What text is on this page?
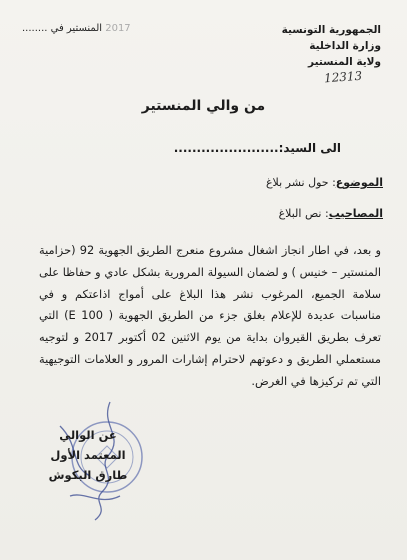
الجمهورية التونسية
وزارة الداخلية
ولاية المنستير
2017 المنستير في ........
12313
من والي المنستير
الى السيد:.......................
الموضوع: حول نشر بلاغ
المصاحيب: نص البلاغ
و بعد، في اطار انجاز اشغال مشروع منعرج الطريق الجهوية 92 (حزامية المنستير – خنيس ) و لضمان السيولة المرورية بشكل عادي و حفاظا على سلامة الجميع، المرغوب نشر هذا البلاغ على أمواج اذاعتكم و في مناسبات عديدة للإعلام بغلق جزء من الطريق الجهوية ( E 100) التي تعرف بطريق القيروان بداية من يوم الاثنين 02 أكتوبر 2017 و لتوجيه مستعملي الطريق و دعوتهم لاحترام إشارات المرور و العلامات التوجيهية التي تم تركيزها في الغرض.
عن الوالي
المعتمد الأول
طارق البكوش
